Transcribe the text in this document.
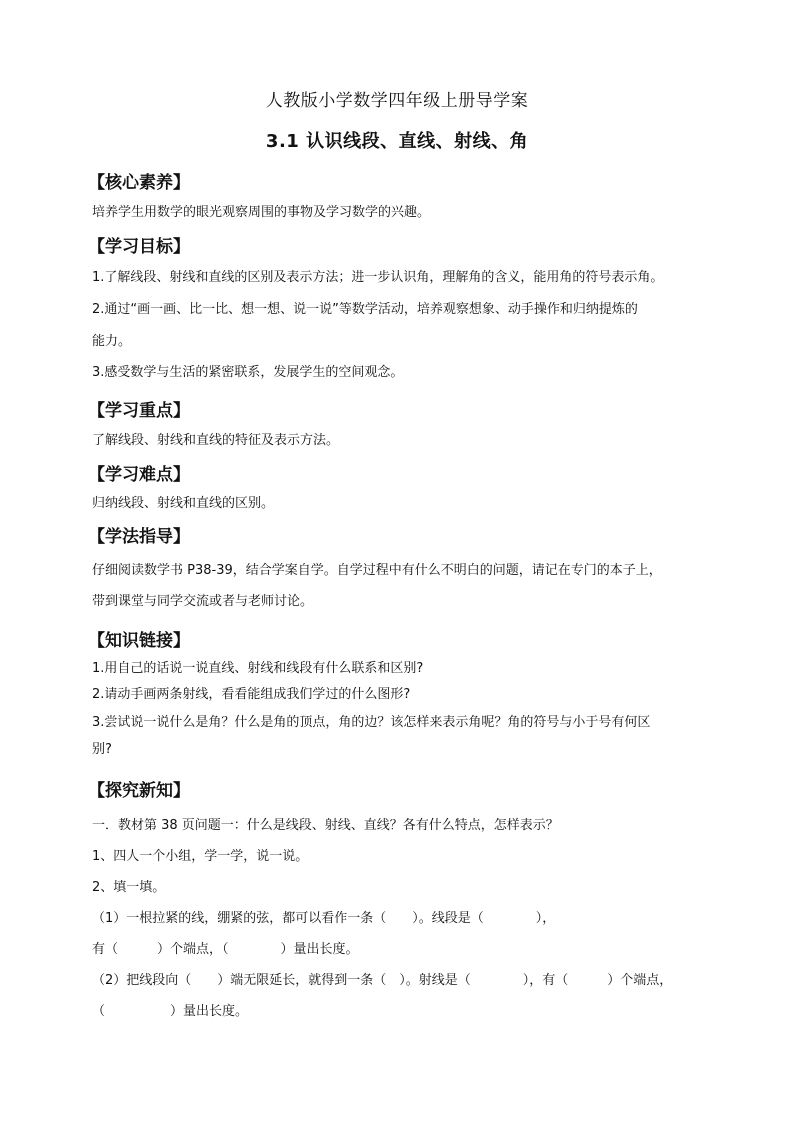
人教版小学数学四年级上册导学案
3.1 认识线段、直线、射线、角
【核心素养】
培养学生用数学的眼光观察周围的事物及学习数学的兴趣。
【学习目标】
1.了解线段、射线和直线的区别及表示方法；进一步认识角，理解角的含义，能用角的符号表示角。
2.通过“画一画、比一比、想一想、说一说”等数学活动，培养观察想象、动手操作和归纳提炼的
能力。
3.感受数学与生活的紧密联系，发展学生的空间观念。
【学习重点】
了解线段、射线和直线的特征及表示方法。
【学习难点】
归纳线段、射线和直线的区别。
【学法指导】
仔细阅读数学书 P38-39，结合学案自学。自学过程中有什么不明白的问题，请记在专门的本子上，
带到课堂与同学交流或者与老师讨论。
【知识链接】
1.用自己的话说一说直线、射线和线段有什么联系和区别?
2.请动手画两条射线，看看能组成我们学过的什么图形?
3.尝试说一说什么是角？什么是角的顶点，角的边？该怎样来表示角呢？角的符号与小于号有何区
别?
【探究新知】
一．教材第 38 页问题一：什么是线段、射线、直线？各有什么特点，怎样表示？
1、四人一个小组，学一学，说一说。
2、填一填。
（1）一根拉紧的线，绷紧的弦，都可以看作一条（　　）。线段是（　　　　），
有（　　　）个端点，（　　　　）量出长度。
（2）把线段向（　　）端无限延长，就得到一条（　）。射线是（　　　　），有（　　　）个端点，
（　　　　　）量出长度。
